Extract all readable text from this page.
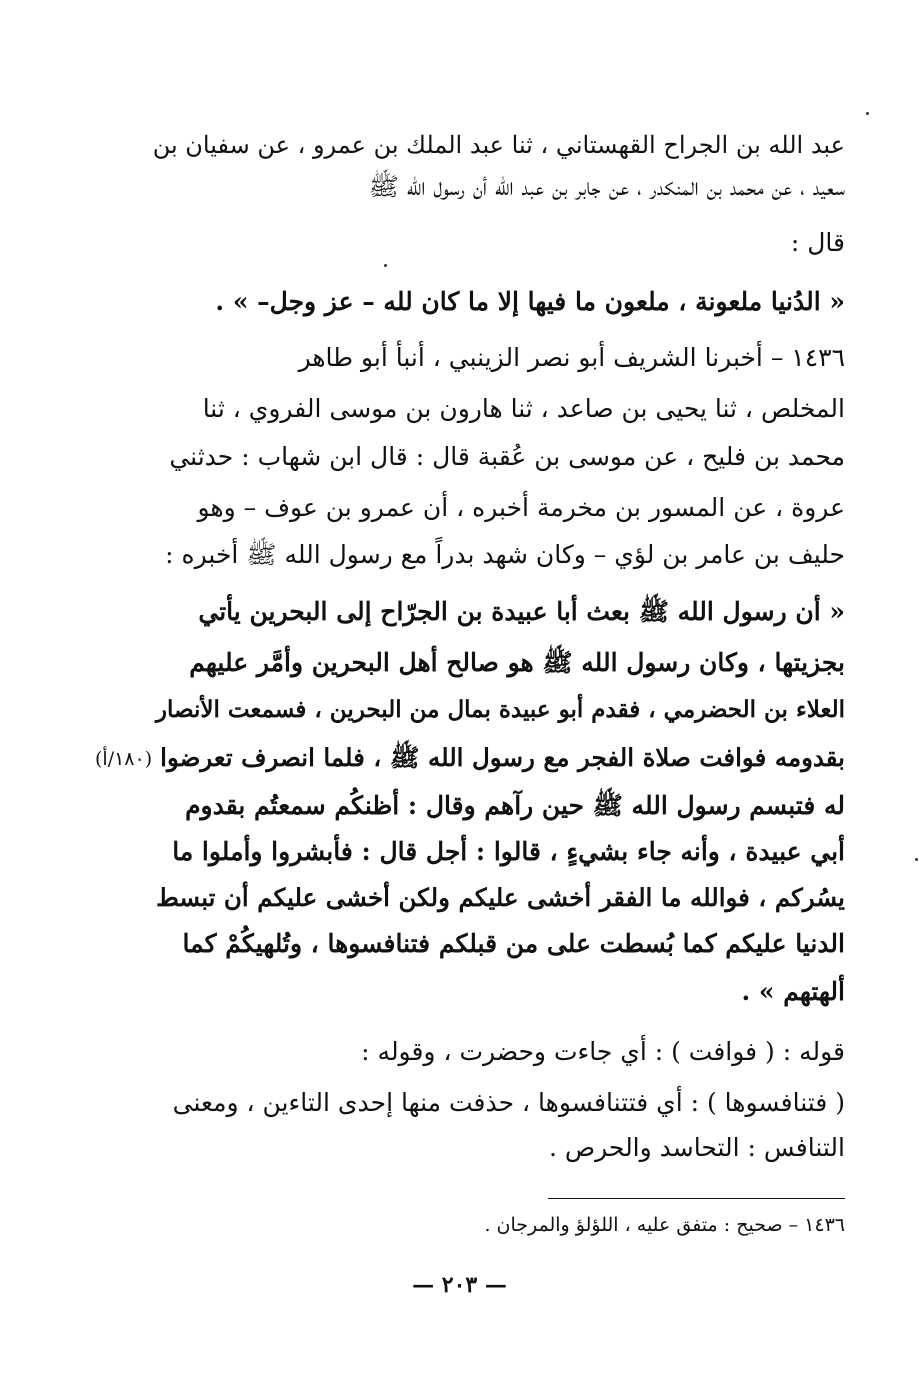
عبد الله بن الجراح القهستاني ، ثنا عبد الملك بن عمرو ، عن سفيان بن
سعيد ، عن محمد بن المنكدر ، عن جابر بن عبد الله أن رسول الله ﷺ
قال :
« الدُنيا ملعونة ، ملعون ما فيها إلا ما كان لله – عز وجل– » .
١٤٣٦ – أخبرنا الشريف أبو نصر الزينبي ، أنبأ أبو طاهر
المخلص ، ثنا يحيى بن صاعد ، ثنا هارون بن موسى الفروي ، ثنا
محمد بن فليح ، عن موسى بن عُقبة قال : قال ابن شهاب : حدثني
عروة ، عن المسور بن مخرمة أخبره ، أن عمرو بن عوف – وهو
حليف بن عامر بن لؤي – وكان شهد بدراً مع رسول الله ﷺ أخبره :
« أن رسول الله ﷺ بعث أبا عبيدة بن الجرّاح إلى البحرين يأتي
بجزيتها ، وكان رسول الله ﷺ هو صالح أهل البحرين وأمَّر عليهم
العلاء بن الحضرمي ، فقدم أبو عبيدة بمال من البحرين ، فسمعت الأنصار
بقدومه فوافت صلاة الفجر مع رسول الله ﷺ ، فلما انصرف تعرضوا
له فتبسم رسول الله ﷺ حين رآهم وقال : أظنكُم سمعتُم بقدوم
أبي عبيدة ، وأنه جاء بشيءٍ ، قالوا : أجل قال : فأبشروا وأملوا ما
يسُركم ، فوالله ما الفقر أخشى عليكم ولكن أخشى عليكم أن تبسط
الدنيا عليكم كما بُسطت على من قبلكم فتنافسوها ، وتُلهيكُمْ كما
ألهتهم » .
قوله : ( فوافت ) : أي جاءت وحضرت ، وقوله :
( فتنافسوها ) : أي فتتنافسوها ، حذفت منها إحدى التاءين ، ومعنى
التنافس : التحاسد والحرص .
(١٨٠/أ)
١٤٣٦ – صحيح : متفق عليه ، اللؤلؤ والمرجان .
— ٢٠٣ —
